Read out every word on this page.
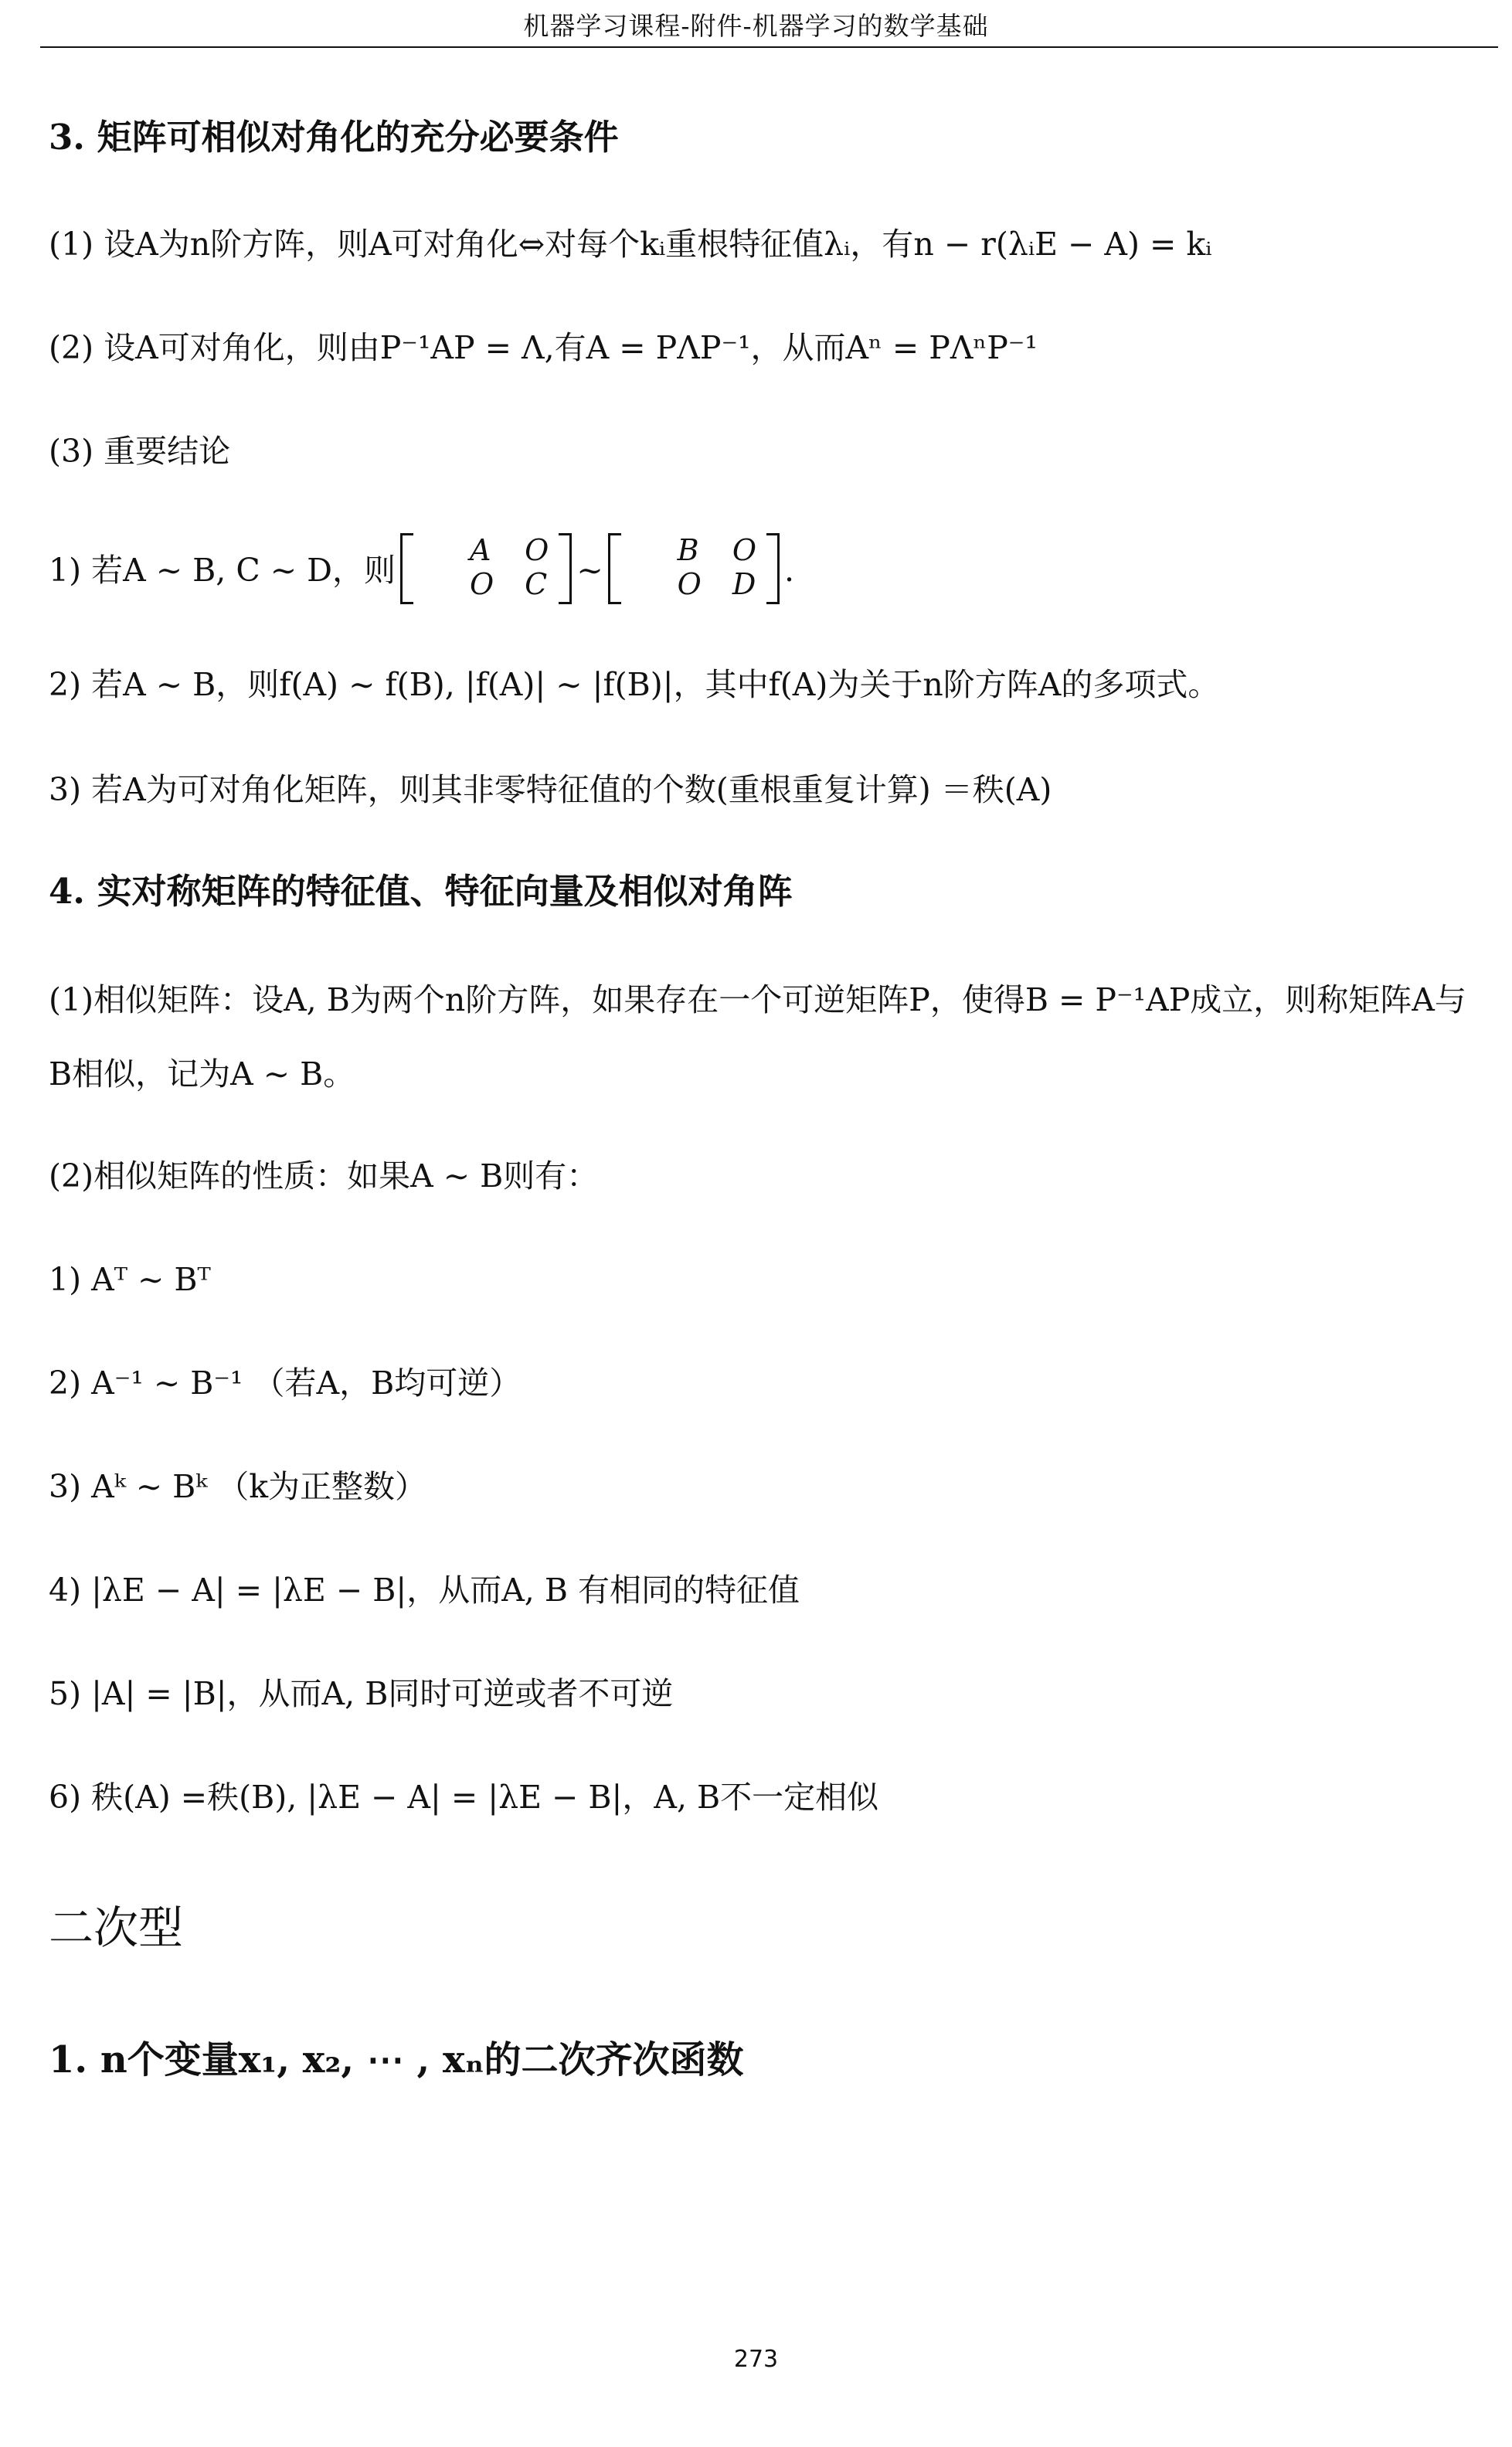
机器学习课程-附件-机器学习的数学基础
3. 矩阵可相似对角化的充分必要条件
(1) 设A为n阶方阵，则A可对角化⇔对每个kᵢ重根特征值λᵢ，有n − r(λᵢE − A) = kᵢ
(2) 设A可对角化，则由P⁻¹AP = Λ,有A = PΛP⁻¹，从而Aⁿ = PΛⁿP⁻¹
(3) 重要结论
1) 若A ∼ B, C ∼ D，则
A O
O C ∼
B O
O D .
2) 若A ∼ B，则f(A) ∼ f(B), |f(A)| ∼ |f(B)|，其中f(A)为关于n阶方阵A的多项式。
3) 若A为可对角化矩阵，则其非零特征值的个数(重根重复计算) ＝秩(A)
4. 实对称矩阵的特征值、特征向量及相似对角阵
(1)相似矩阵：设A, B为两个n阶方阵，如果存在一个可逆矩阵P，使得B = P⁻¹AP成立，则称矩阵A与B相似，记为A ∼ B。
(2)相似矩阵的性质：如果A ∼ B则有：
1) Aᵀ ∼ Bᵀ
2) A⁻¹ ∼ B⁻¹ （若A，B均可逆）
3) Aᵏ ∼ Bᵏ （k为正整数）
4) |λE − A| = |λE − B|，从而A, B 有相同的特征值
5) |A| = |B|，从而A, B同时可逆或者不可逆
6) 秩(A) =秩(B), |λE − A| = |λE − B|，A, B不一定相似
二次型
1. n个变量x₁, x₂, ⋯ , xₙ的二次齐次函数
273
